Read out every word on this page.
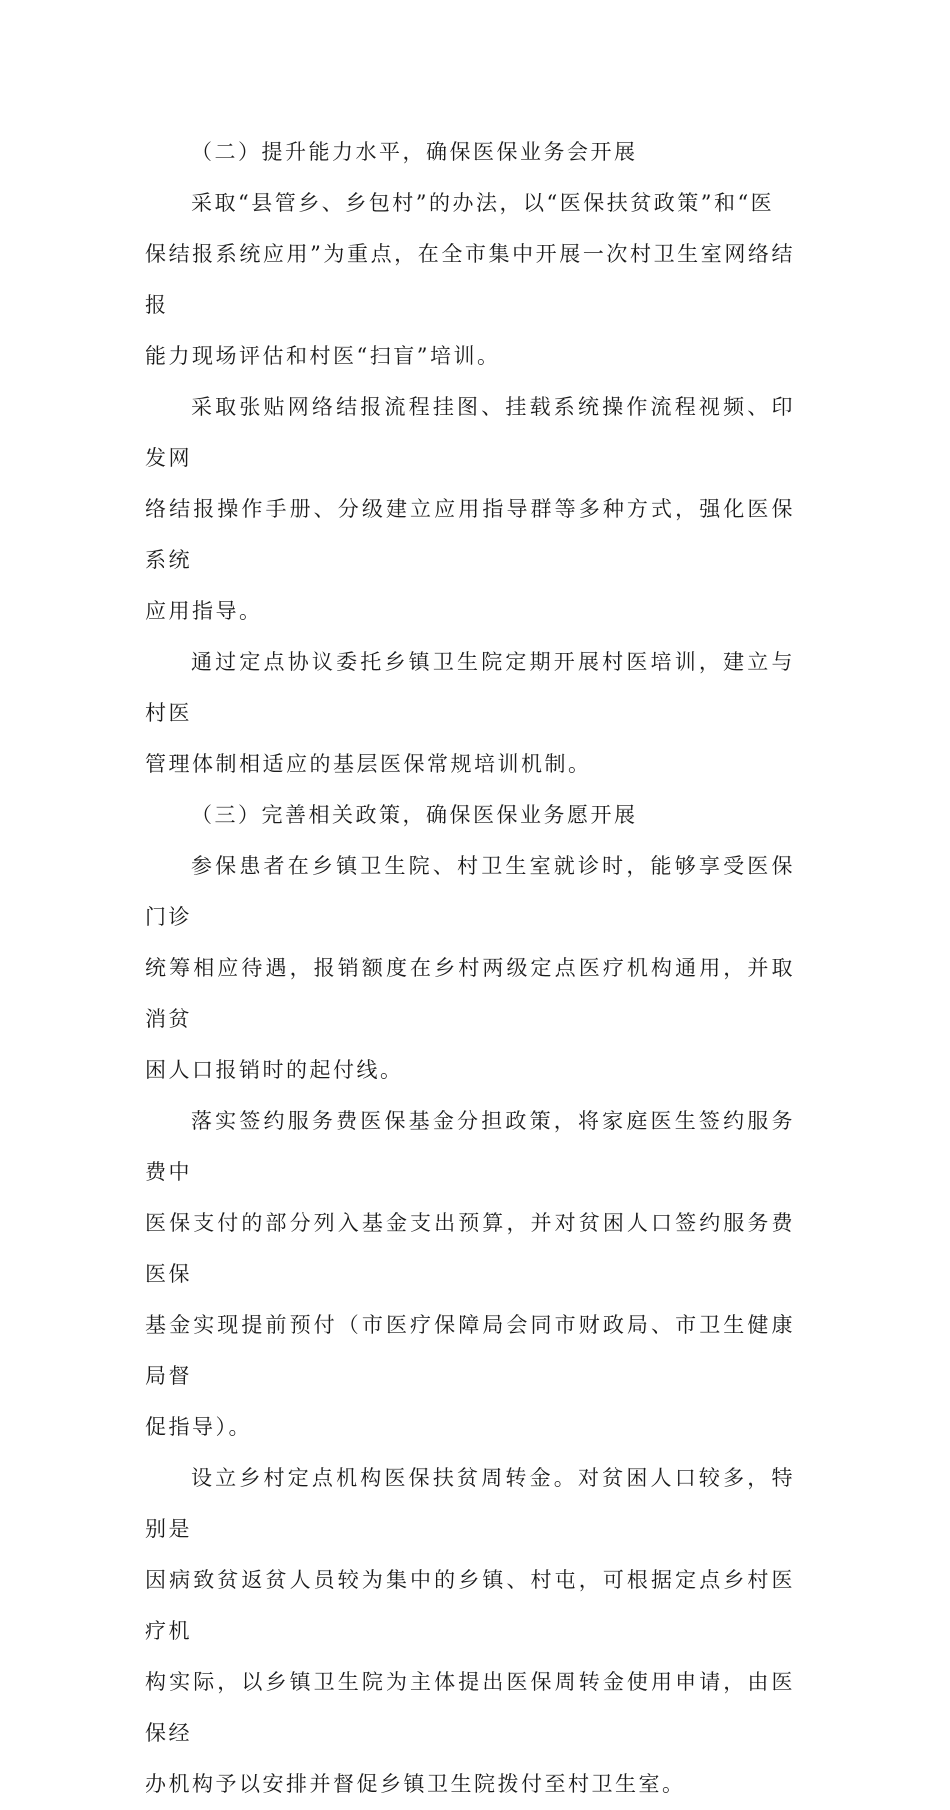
（二）提升能力水平，确保医保业务会开展

采取“县管乡、乡包村”的办法，以“医保扶贫政策”和“医

保结报系统应用”为重点，在全市集中开展一次村卫生室网络结报

能力现场评估和村医“扫盲”培训。

采取张贴网络结报流程挂图、挂载系统操作流程视频、印发网

络结报操作手册、分级建立应用指导群等多种方式，强化医保系统

应用指导。

通过定点协议委托乡镇卫生院定期开展村医培训，建立与村医

管理体制相适应的基层医保常规培训机制。

（三）完善相关政策，确保医保业务愿开展

参保患者在乡镇卫生院、村卫生室就诊时，能够享受医保门诊

统筹相应待遇，报销额度在乡村两级定点医疗机构通用，并取消贫

困人口报销时的起付线。

落实签约服务费医保基金分担政策，将家庭医生签约服务费中

医保支付的部分列入基金支出预算，并对贫困人口签约服务费医保

基金实现提前预付（市医疗保障局会同市财政局、市卫生健康局督

促指导）。

设立乡村定点机构医保扶贫周转金。对贫困人口较多，特别是

因病致贫返贫人员较为集中的乡镇、村屯，可根据定点乡村医疗机

构实际，以乡镇卫生院为主体提出医保周转金使用申请，由医保经

办机构予以安排并督促乡镇卫生院拨付至村卫生室。
